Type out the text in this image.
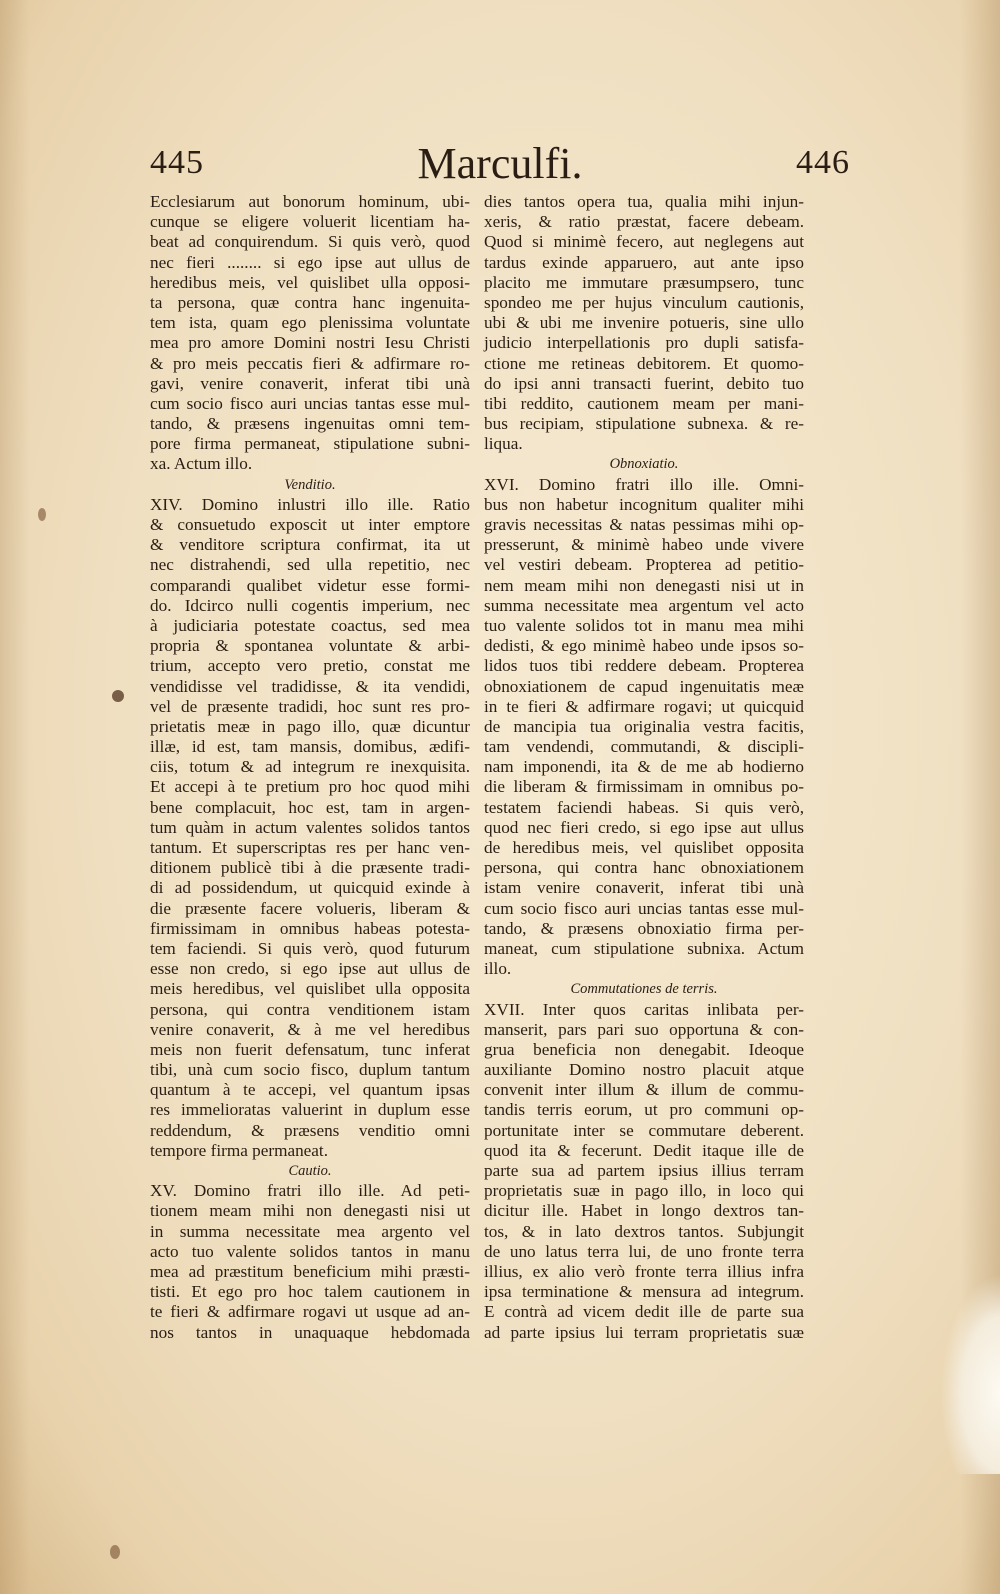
445	Marculfi.	446
Ecclesiarum aut bonorum hominum, ubi-
cunque se eligere voluerit licentiam ha-
beat ad conquirendum. Si quis verò, quod
nec fieri ........ si ego ipse aut ullus de
heredibus meis, vel quislibet ulla opposi-
ta persona, quæ contra hanc ingenuita-
tem ista, quam ego plenissima voluntate
mea pro amore Domini nostri Iesu Christi
& pro meis peccatis fieri & adfirmare ro-
gavi, venire conaverit, inferat tibi unà
cum socio fisco auri uncias tantas esse mul-
tando, & præsens ingenuitas omni tem-
pore firma permaneat, stipulatione subni-
xa. Actum illo.
Venditio.
XIV. Domino inlustri illo ille. Ratio
& consuetudo exposcit ut inter emptore
& venditore scriptura confirmat, ita ut
nec distrahendi, sed ulla repetitio, nec
comparandi qualibet videtur esse formi-
do. Idcirco nulli cogentis imperium, nec
à judiciaria potestate coactus, sed mea
propria & spontanea voluntate & arbi-
trium, accepto vero pretio, constat me
vendidisse vel tradidisse, & ita vendidi,
vel de præsente tradidi, hoc sunt res pro-
prietatis meæ in pago illo, quæ dicuntur
illæ, id est, tam mansis, domibus, ædifi-
ciis, totum & ad integrum re inexquisita.
Et accepi à te pretium pro hoc quod mihi
bene complacuit, hoc est, tam in argen-
tum quàm in actum valentes solidos tantos
tantum. Et superscriptas res per hanc ven-
ditionem publicè tibi à die præsente tradi-
di ad possidendum, ut quicquid exinde à
die præsente facere volueris, liberam &
firmissimam in omnibus habeas potesta-
tem faciendi. Si quis verò, quod futurum
esse non credo, si ego ipse aut ullus de
meis heredibus, vel quislibet ulla opposita
persona, qui contra venditionem istam
venire conaverit, & à me vel heredibus
meis non fuerit defensatum, tunc inferat
tibi, unà cum socio fisco, duplum tantum
quantum à te accepi, vel quantum ipsas
res immelioratas valuerint in duplum esse
reddendum, & præsens venditio omni
tempore firma permaneat.
Cautio.
XV. Domino fratri illo ille. Ad peti-
tionem meam mihi non denegasti nisi ut
in summa necessitate mea argento vel
acto tuo valente solidos tantos in manu
mea ad præstitum beneficium mihi præsti-
tisti. Et ego pro hoc talem cautionem in
te fieri & adfirmare rogavi ut usque ad an-
nos tantos in unaquaque hebdomada
dies tantos opera tua, qualia mihi injun-
xeris, & ratio præstat, facere debeam.
Quod si minimè fecero, aut neglegens aut
tardus exinde apparuero, aut ante ipso
placito me immutare præsumpsero, tunc
spondeo me per hujus vinculum cautionis,
ubi & ubi me invenire potueris, sine ullo
judicio interpellationis pro dupli satisfa-
ctione me retineas debitorem. Et quomo-
do ipsi anni transacti fuerint, debito tuo
tibi reddito, cautionem meam per mani-
bus recipiam, stipulatione subnexa. & re-
liqua.
Obnoxiatio.
XVI. Domino fratri illo ille. Omni-
bus non habetur incognitum qualiter mihi
gravis necessitas & natas pessimas mihi op-
presserunt, & minimè habeo unde vivere
vel vestiri debeam. Propterea ad petitio-
nem meam mihi non denegasti nisi ut in
summa necessitate mea argentum vel acto
tuo valente solidos tot in manu mea mihi
dedisti, & ego minimè habeo unde ipsos so-
lidos tuos tibi reddere debeam. Propterea
obnoxiationem de capud ingenuitatis meæ
in te fieri & adfirmare rogavi; ut quicquid
de mancipia tua originalia vestra facitis,
tam vendendi, commutandi, & discipli-
nam imponendi, ita & de me ab hodierno
die liberam & firmissimam in omnibus po-
testatem faciendi habeas. Si quis verò,
quod nec fieri credo, si ego ipse aut ullus
de heredibus meis, vel quislibet opposita
persona, qui contra hanc obnoxiationem
istam venire conaverit, inferat tibi unà
cum socio fisco auri uncias tantas esse mul-
tando, & præsens obnoxiatio firma per-
maneat, cum stipulatione subnixa. Actum
illo.
Commutationes de terris.
XVII. Inter quos caritas inlibata per-
manserit, pars pari suo opportuna & con-
grua beneficia non denegabit. Ideoque
auxiliante Domino nostro placuit atque
convenit inter illum & illum de commu-
tandis terris eorum, ut pro communi op-
portunitate inter se commutare deberent.
quod ita & fecerunt. Dedit itaque ille de
parte sua ad partem ipsius illius terram
proprietatis suæ in pago illo, in loco qui
dicitur ille. Habet in longo dextros tan-
tos, & in lato dextros tantos. Subjungit
de uno latus terra lui, de uno fronte terra
illius, ex alio verò fronte terra illius infra
ipsa terminatione & mensura ad integrum.
E contrà ad vicem dedit ille de parte sua
ad parte ipsius lui terram proprietatis suæ
